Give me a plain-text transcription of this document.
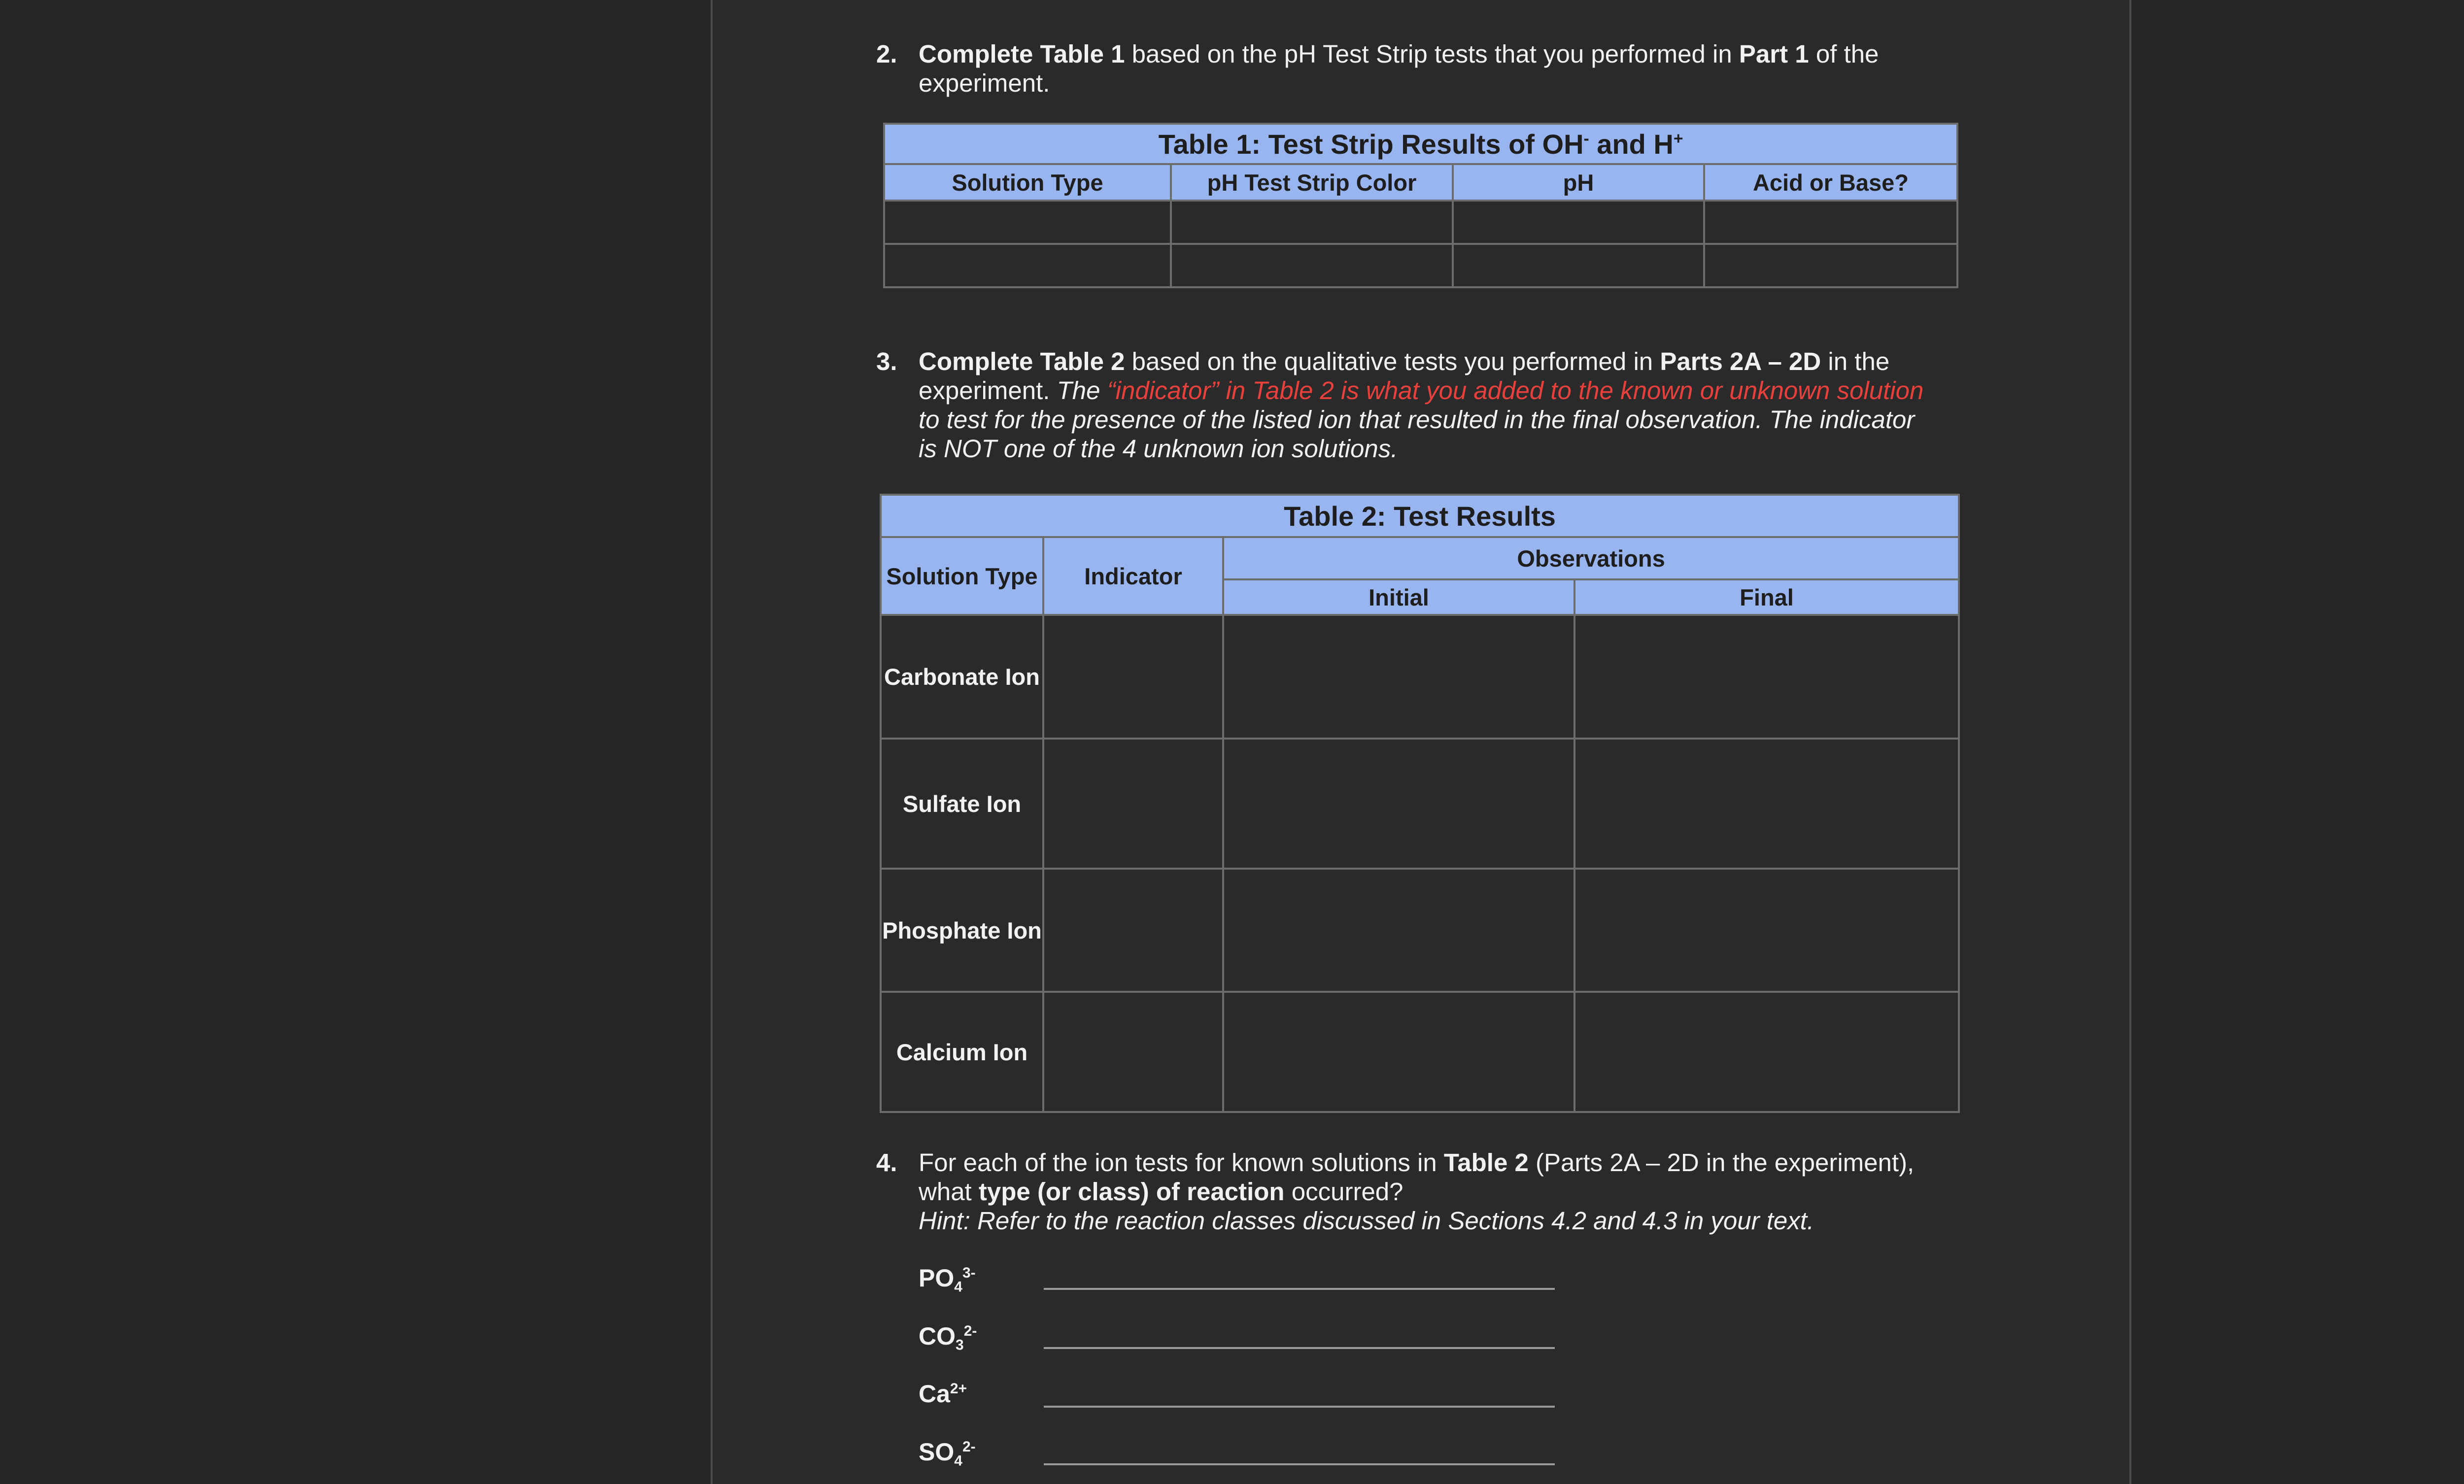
2. Complete Table 1 based on the pH Test Strip tests that you performed in Part 1 of the
experiment.
Table 1: Test Strip Results of OH- and H+
Solution Type	pH Test Strip Color	pH	Acid or Base?

3. Complete Table 2 based on the qualitative tests you performed in Parts 2A – 2D in the
experiment. The “indicator” in Table 2 is what you added to the known or unknown solution
to test for the presence of the listed ion that resulted in the final observation. The indicator
is NOT one of the 4 unknown ion solutions.
Table 2: Test Results			
Solution Type	Indicator	Observations	
		Initial	Final
Carbonate Ion			
Sulfate Ion			
Phosphate Ion			
Calcium Ion			
4. For each of the ion tests for known solutions in Table 2 (Parts 2A – 2D in the experiment),
what type (or class) of reaction occurred?
Hint: Refer to the reaction classes discussed in Sections 4.2 and 4.3 in your text.
$PO_4^{3-}$
$CO_3^{2-}$
$Ca^{2+}$
$SO_4^{2-}$
